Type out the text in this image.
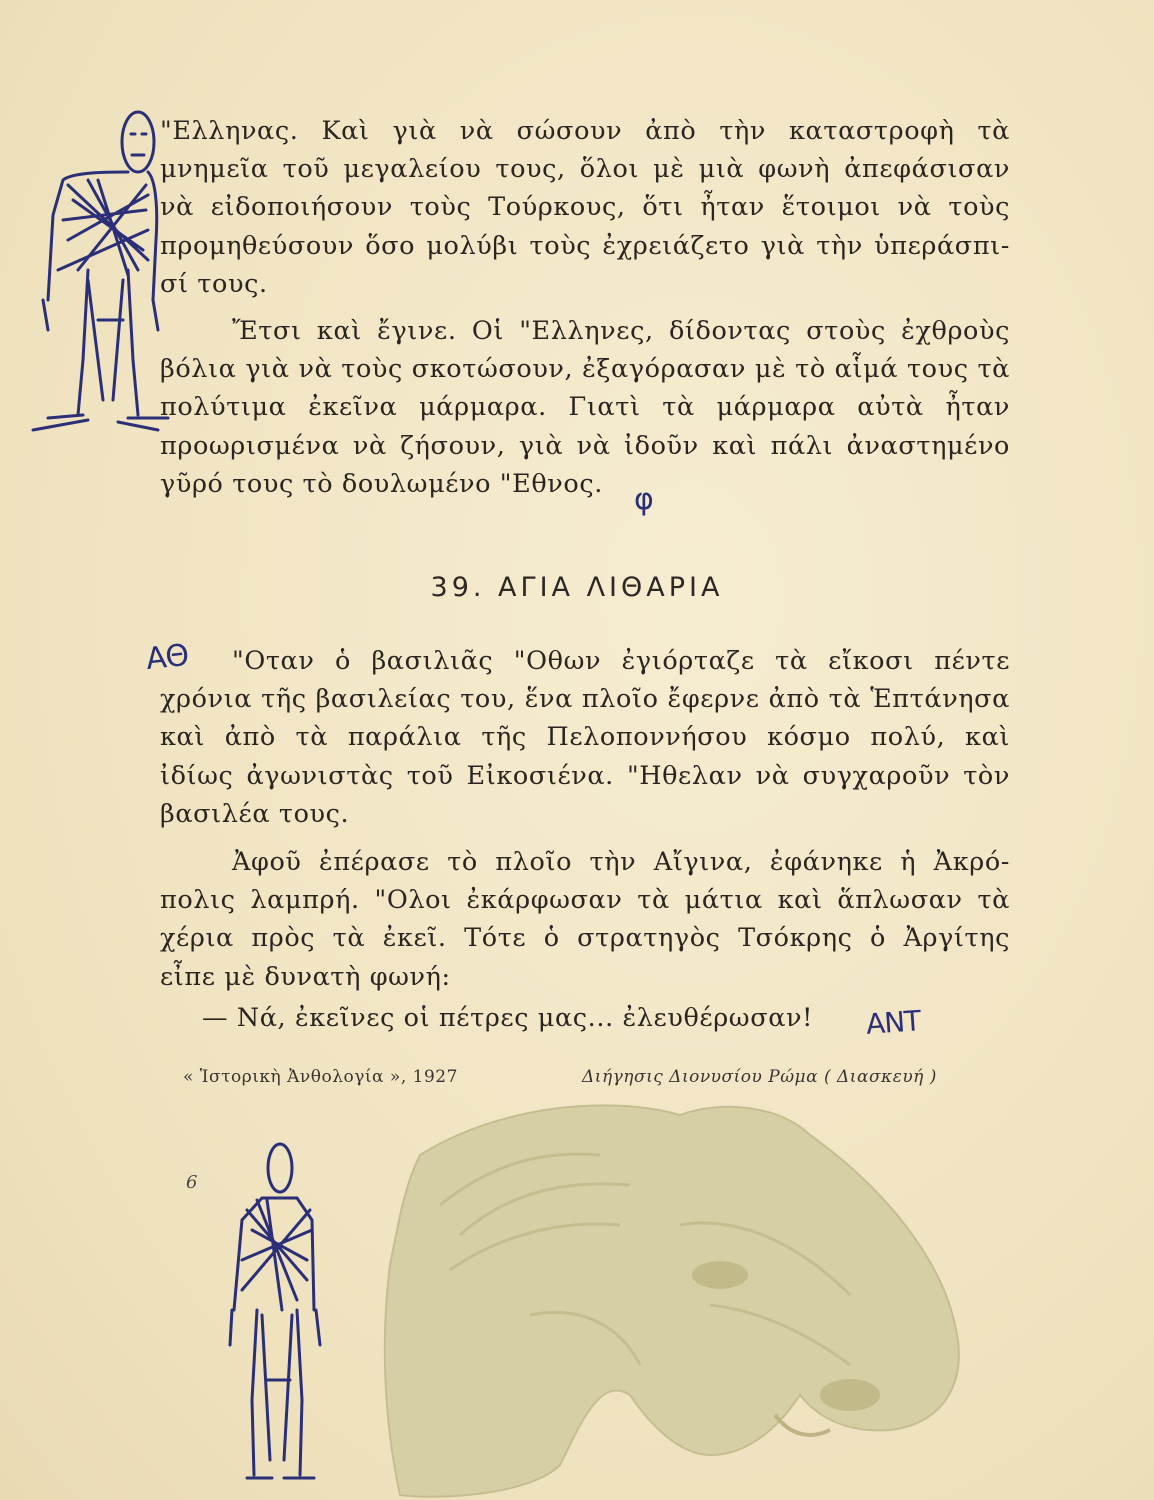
"Ελληνας. Καὶ γιὰ νὰ σώσουν ἀπὸ τὴν καταστροφὴ τὰ
μνημεῖα τοῦ μεγαλείου τους, ὅλοι μὲ μιὰ φωνὴ ἀπεφάσισαν
νὰ εἰδοποιήσουν τοὺς Τούρκους, ὅτι ἦταν ἕτοιμοι νὰ τοὺς
προμηθεύσουν ὅσο μολύβι τοὺς ἐχρειάζετο γιὰ τὴν ὑπεράσπι-
σί τους.
Ἔτσι καὶ ἔγινε. Οἱ "Ελληνες, δίδοντας στοὺς ἐχθροὺς
βόλια γιὰ νὰ τοὺς σκοτώσουν, ἐξαγόρασαν μὲ τὸ αἷμά τους τὰ
πολύτιμα ἐκεῖνα μάρμαρα. Γιατὶ τὰ μάρμαρα αὐτὰ ἦταν
προωρισμένα νὰ ζήσουν, γιὰ νὰ ἰδοῦν καὶ πάλι ἀναστημένο
γῦρό τους τὸ δουλωμένο "Εθνος.
39. ΑΓΙΑ ΛΙΘΑΡΙΑ
"Οταν ὁ βασιλιᾶς "Οθων ἐγιόρταζε τὰ εἴκοσι πέντε
χρόνια τῆς βασιλείας του, ἕνα πλοῖο ἔφερνε ἀπὸ τὰ Ἑπτάνησα
καὶ ἀπὸ τὰ παράλια τῆς Πελοποννήσου κόσμο πολύ, καὶ
ἰδίως ἀγωνιστὰς τοῦ Εἰκοσιένα. "Ηθελαν νὰ συγχαροῦν τὸν
βασιλέα τους.
Ἀφοῦ ἐπέρασε τὸ πλοῖο τὴν Αἴγινα, ἐφάνηκε ἡ Ἀκρό-
πολις λαμπρή. "Ολοι ἐκάρφωσαν τὰ μάτια καὶ ἅπλωσαν τὰ
χέρια πρὸς τὰ ἐκεῖ. Τότε ὁ στρατηγὸς Τσόκρης ὁ Ἀργίτης
εἶπε μὲ δυνατὴ φωνή:
— Νά, ἐκεῖνες οἱ πέτρες μας... ἐλευθέρωσαν!
« Ἱστορικὴ Ἀνθολογία », 1927	Διήγησις Διονυσίου Ρώμα ( Διασκευή )
6
ΑΘ
ΑΝΤ
φ
